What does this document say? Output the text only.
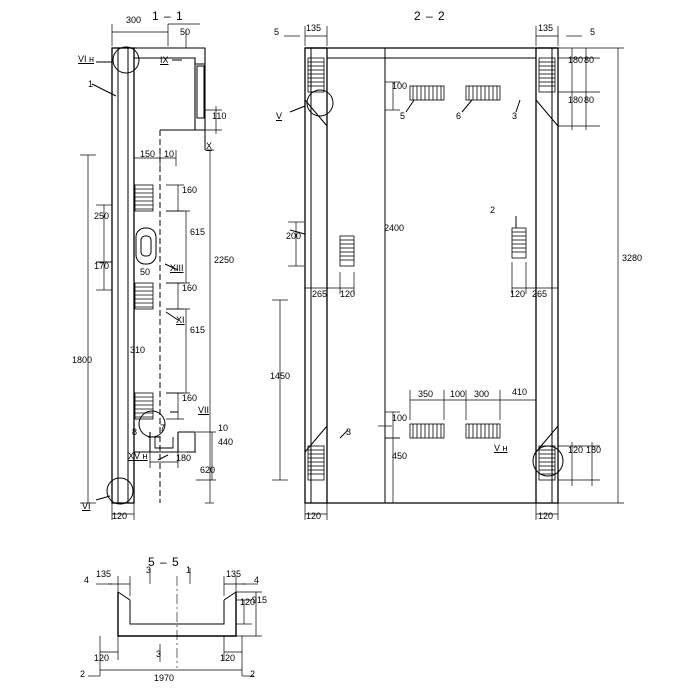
1 – 1	2 – 2
5 – 5
300
50
110
150 10
160
250
615
2250
170
50
160
310
615
1800
160
10
440
180
620
120
1
VI н	IX
X
XIII
XI
VII
8	7
XV н
VI
135
5	135	5
180 80
180 80
3280
2400
200
100
265 120	120 265
1450
350 100 300	410
100
450
120	120
120 180
5	6	3
2
3
V
V н
135	135
120
915
120	120
1970
3	1
3
4	4
2	2
